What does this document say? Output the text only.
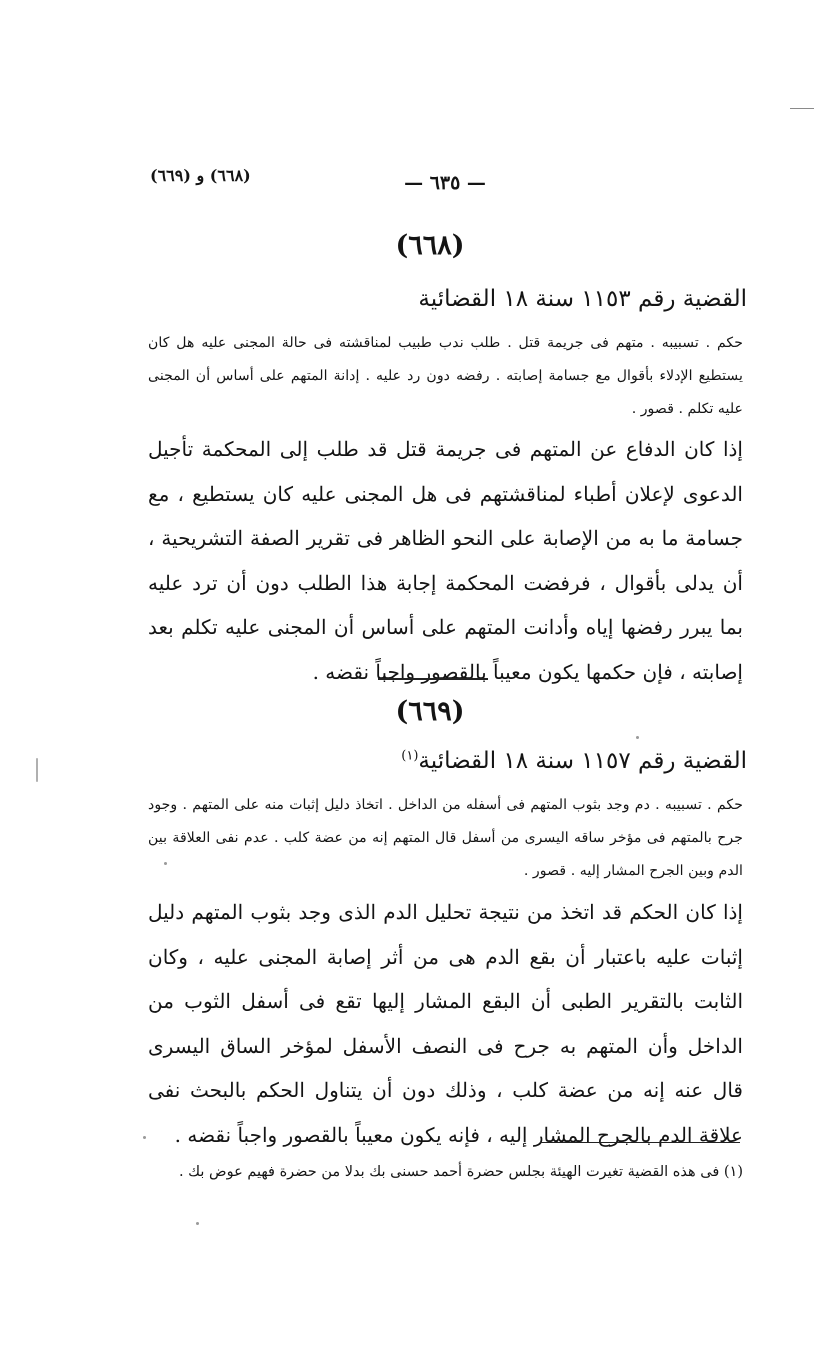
(٦٦٨) و (٦٦٩)	— ٦٣٥ —
(٦٦٨)
القضية رقم ١١٥٣ سنة ١٨ القضائية
حكم . تسبيبه . متهم فى جريمة قتل . طلب ندب طبيب لمناقشته فى حالة المجنى عليه هل كان يستطيع الإدلاء بأقوال مع جسامة إصابته . رفضه دون رد عليه . إدانة المتهم على أساس أن المجنى عليه تكلم . قصور .
إذا كان الدفاع عن المتهم فى جريمة قتل قد طلب إلى المحكمة تأجيل الدعوى لإعلان أطباء لمناقشتهم فى هل المجنى عليه كان يستطيع ، مع جسامة ما به من الإصابة على النحو الظاهر فى تقرير الصفة التشريحية ، أن يدلى بأقوال ، فرفضت المحكمة إجابة هذا الطلب دون أن ترد عليه بما يبرر رفضها إياه وأدانت المتهم على أساس أن المجنى عليه تكلم بعد إصابته ، فإن حكمها يكون معيباً بالقصور واجباً نقضه .
(٦٦٩)
القضية رقم ١١٥٧ سنة ١٨ القضائية$^{(١)}$
حكم . تسبيبه . دم وجد بثوب المتهم فى أسفله من الداخل . اتخاذ دليل إثبات منه على المتهم . وجود جرح بالمتهم فى مؤخر ساقه اليسرى من أسفل قال المتهم إنه من عضة كلب . عدم نفى العلاقة بين الدم وبين الجرح المشار إليه . قصور .
إذا كان الحكم قد اتخذ من نتيجة تحليل الدم الذى وجد بثوب المتهم دليل إثبات عليه باعتبار أن بقع الدم هى من أثر إصابة المجنى عليه ، وكان الثابت بالتقرير الطبى أن البقع المشار إليها تقع فى أسفل الثوب من الداخل وأن المتهم به جرح فى النصف الأسفل لمؤخر الساق اليسرى قال عنه إنه من عضة كلب ، وذلك دون أن يتناول الحكم بالبحث نفى علاقة الدم بالجرح المشار إليه ، فإنه يكون معيباً بالقصور واجباً نقضه .
(١) فى هذه القضية تغيرت الهيئة بجلس حضرة أحمد حسنى بك بدلا من حضرة فهيم عوض بك .
